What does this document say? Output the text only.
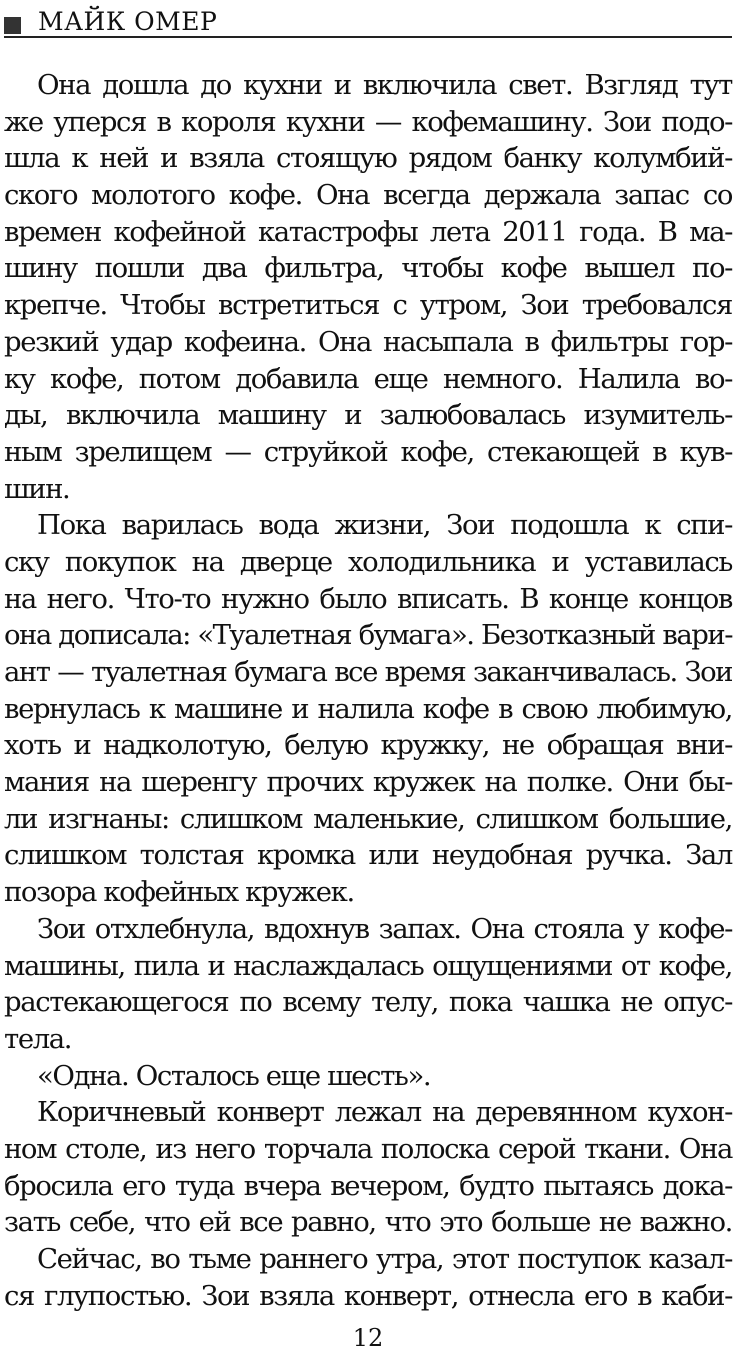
МАЙК ОМЕР
Она дошла до кухни и включила свет. Взгляд тут
же уперся в короля кухни — кофемашину. Зои подо-
шла к ней и взяла стоящую рядом банку колумбий-
ского молотого кофе. Она всегда держала запас со
времен кофейной катастрофы лета 2011 года. В ма-
шину пошли два фильтра, чтобы кофе вышел по-
крепче. Чтобы встретиться с утром, Зои требовался
резкий удар кофеина. Она насыпала в фильтры гор-
ку кофе, потом добавила еще немного. Налила во-
ды, включила машину и залюбовалась изумитель-
ным зрелищем — струйкой кофе, стекающей в кув-
шин.
Пока варилась вода жизни, Зои подошла к спи-
ску покупок на дверце холодильника и уставилась
на него. Что-то нужно было вписать. В конце концов
она дописала: «Туалетная бумага». Безотказный вари-
ант — туалетная бумага все время заканчивалась. Зои
вернулась к машине и налила кофе в свою любимую,
хоть и надколотую, белую кружку, не обращая вни-
мания на шеренгу прочих кружек на полке. Они бы-
ли изгнаны: слишком маленькие, слишком большие,
слишком толстая кромка или неудобная ручка. Зал
позора кофейных кружек.
Зои отхлебнула, вдохнув запах. Она стояла у кофе-
машины, пила и наслаждалась ощущениями от кофе,
растекающегося по всему телу, пока чашка не опус-
тела.
«Одна. Осталось еще шесть».
Коричневый конверт лежал на деревянном кухон-
ном столе, из него торчала полоска серой ткани. Она
бросила его туда вчера вечером, будто пытаясь дока-
зать себе, что ей все равно, что это больше не важно.
Сейчас, во тьме раннего утра, этот поступок казал-
ся глупостью. Зои взяла конверт, отнесла его в каби-
12
